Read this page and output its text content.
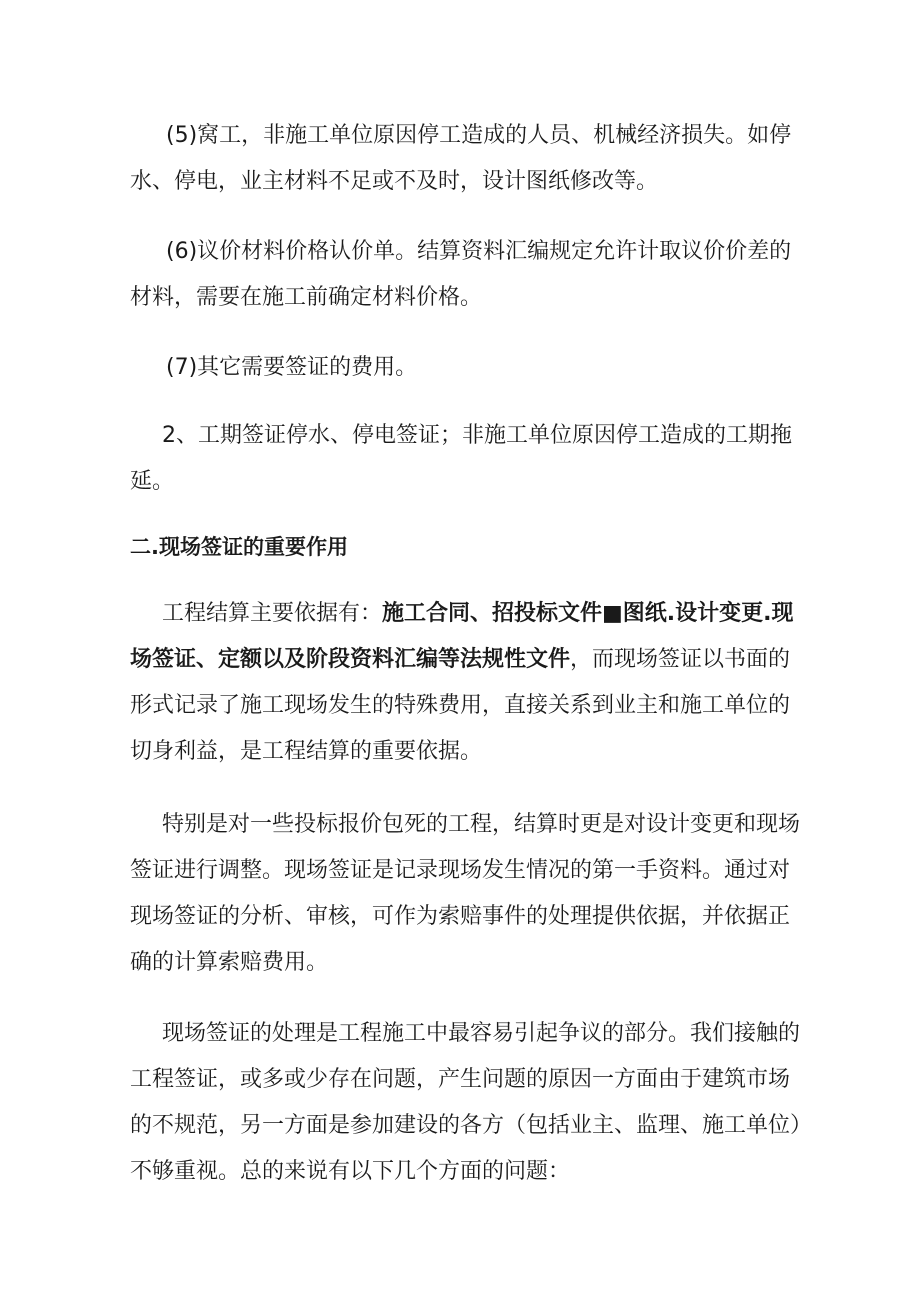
(5)窝工，非施工单位原因停工造成的人员、机械经济损失。如停水、停电，业主材料不足或不及时，设计图纸修改等。

(6)议价材料价格认价单。结算资料汇编规定允许计取议价价差的材料，需要在施工前确定材料价格。

(7)其它需要签证的费用。

2、工期签证停水、停电签证；非施工单位原因停工造成的工期拖延。

二.现场签证的重要作用

工程结算主要依据有：施工合同、招投标文件■图纸.设计变更.现场签证、定额以及阶段资料汇编等法规性文件，而现场签证以书面的形式记录了施工现场发生的特殊费用，直接关系到业主和施工单位的切身利益，是工程结算的重要依据。

特别是对一些投标报价包死的工程，结算时更是对设计变更和现场签证进行调整。现场签证是记录现场发生情况的第一手资料。通过对现场签证的分析、审核，可作为索赔事件的处理提供依据，并依据正确的计算索赔费用。

现场签证的处理是工程施工中最容易引起争议的部分。我们接触的工程签证，或多或少存在问题，产生问题的原因一方面由于建筑市场的不规范，另一方面是参加建设的各方（包括业主、监理、施工单位）不够重视。总的来说有以下几个方面的问题：
